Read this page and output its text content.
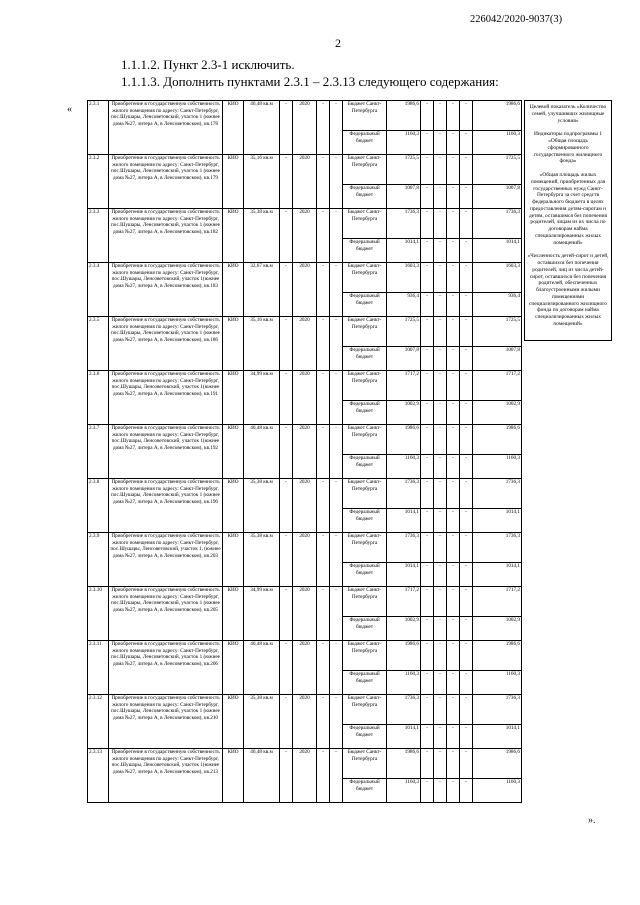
226042/2020-9037(3)
2
1.1.1.2. Пункт 2.3-1 исключить.
1.1.1.3. Дополнить пунктами 2.3.1 – 2.3.13 следующего содержания:
«	2.3.1	Приобретение в государственную собственность жилого помещения по адресу: Санкт-Петербург, пос.Шушары, Ленсоветовский, участок 1 (южнее дома №27, литера А, в Ленсоветовском), кв.178	КИО	40,48 кв.м	-	2020	-	-	Бюджет Санкт-Петербурга	1986,6	-	-	-	-	1986,6
								Федеральный бюджет	1160,3	-	-	-	-	1160,3
2.3.2	Приобретение в государственную собственность жилого помещения по адресу: Санкт-Петербург, пос.Шушары, Ленсоветовский, участок 1 (южнее дома №27, литера А, в Ленсоветовском), кв.179	КИО	35,16 кв.м	-	2020	-	-	Бюджет Санкт-Петербурга	1725,5	-	-	-	-	1725,5
								Федеральный бюджет	1007,8	-	-	-	-	1007,8
2.3.3	Приобретение в государственную собственность жилого помещения по адресу: Санкт-Петербург, пос.Шушары, Ленсоветовский, участок 1 (южнее дома №27, литера А, в Ленсоветовском), кв.182	КИО	35,38 кв.м	-	2020	-	-	Бюджет Санкт-Петербурга	1736,3	-	-	-	-	1736,3
								Федеральный бюджет	1014,1	-	-	-	-	1014,1
2.3.4	Приобретение в государственную собственность жилого помещения по адресу: Санкт-Петербург, пос.Шушары, Ленсоветовский, участок 1(южнее дома №27, литера А, в Ленсоветовском), кв.183	КИО	32,67 кв.м	-	2020	-	-	Бюджет Санкт-Петербурга	1603,3	-	-	-	-	1603,3
								Федеральный бюджет	936,4	-	-	-	-	936,4
2.3.5	Приобретение в государственную собственность жилого помещения по адресу: Санкт-Петербург, пос.Шушары, Ленсоветовский, участок 1 (южнее дома №27, литера А, в Ленсоветовском), кв.186	КИО	35,16 кв.м	-	2020	-	-	Бюджет Санкт-Петербурга	1725,5	-	-	-	-	1725,5
								Федеральный бюджет	1007,8	-	-	-	-	1007,8
2.3.6	Приобретение в государственную собственность жилого помещения по адресу: Санкт-Петербург, пос.Шушары, Ленсоветовский, участок 1(южнее дома №27, литера А, в Ленсоветовском), кв.191	КИО	34,99 кв.м	-	2020	-	-	Бюджет Санкт-Петербурга	1717,2	-	-	-	-	1717,2
								Федеральный бюджет	1002,9	-	-	-	-	1002,9
2.3.7	Приобретение в государственную собственность жилого помещения по адресу: Санкт-Петербург, пос.Шушары, Ленсоветовский, участок 1(южнее дома №27, литера А, в Ленсоветовском), кв.192	КИО	40,48 кв.м	-	2020	-	-	Бюджет Санкт-Петербурга	1986,6	-	-	-	-	1986,6
								Федеральный бюджет	1160,3	-	-	-	-	1160,3
2.3.8	Приобретение в государственную собственность жилого помещения по адресу: Санкт-Петербург, пос.Шушары, Ленсоветовский, участок 1 (южнее дома №27, литера А, в Ленсоветовском), кв.196	КИО	35,38 кв.м	-	2020	-	-	Бюджет Санкт-Петербурга	1736,3	-	-	-	-	1736,3
								Федеральный бюджет	1014,1	-	-	-	-	1014,1
2.3.9	Приобретение в государственную собственность жилого помещения по адресу: Санкт-Петербург, пос.Шушары, Ленсоветовский, участок 1, (южнее дома №27, литера А, в Ленсоветовском), кв.203	КИО	35,38 кв.м	-	2020	-	-	Бюджет Санкт-Петербурга	1736,3	-	-	-	-	1736,3
								Федеральный бюджет	1014,1	-	-	-	-	1014,1
2.3.10	Приобретение в государственную собственность жилого помещения по адресу: Санкт-Петербург, пос.Шушары, Ленсоветовский, участок 1 (южнее дома №27, литера А, в Ленсоветовском), кв.205	КИО	34,99 кв.м	-	2020	-	-	Бюджет Санкт-Петербурга	1717,2	-	-	-	-	1717,2
								Федеральный бюджет	1002,9	-	-	-	-	1002,9
2.3.11	Приобретение в государственную собственность жилого помещения по адресу: Санкт-Петербург, пос.Шушары, Ленсоветовский, участок 1 (южнее дома №27, литера А, в Ленсоветовском), кв.206	КИО	40,48 кв.м	-	2020	-	-	Бюджет Санкт-Петербурга	1986,6	-	-	-	-	1986,6
								Федеральный бюджет	1160,3	-	-	-	-	1160,3
2.3.12	Приобретение в государственную собственность жилого помещения по адресу: Санкт-Петербург, пос.Шушары, Ленсоветовский, участок 1 (южнее дома №27, литера А, в Ленсоветовском), кв.210	КИО	35,38 кв.м	-	2020	-	-	Бюджет Санкт-Петербурга	1736,3	-	-	-	-	1736,3
								Федеральный бюджет	1014,1	-	-	-	-	1014,1
2.3.13	Приобретение в государственную собственность жилого помещения по адресу: Санкт-Петербург, пос.Шушары, Ленсоветовский, участок 1(южнее дома №27, литера А, в Ленсоветовском), кв.213	КИО	40,48 кв.м	-	2020	-	-	Бюджет Санкт-Петербурга	1986,6	-	-	-	-	1986,6
								Федеральный бюджет	1160,3	-	-	-	-	1160,3

Целевой показатель «Количество семей, улучшивших жилищные условия»

Индикаторы подпрограммы 1 «Общая площадь сформированного государственного жилищного фонда»

«Общая площадь жилых помещений, приобретенных для государственных нужд Санкт-Петербурга за счет средств федерального бюджета в целях предоставления детям-сиротам и детям, оставшимся без попечения родителей, лицам из их числа по договорам найма специализированных жилых помещений»

«Численность детей-сирот и детей, оставшихся без попечения родителей, лиц из числа детей-сирот, оставшихся без попечения родителей, обеспеченных благоустроенными жилыми помещениями специализированного жилищного фонда по договорам найма специализированных жилых помещений»

».
